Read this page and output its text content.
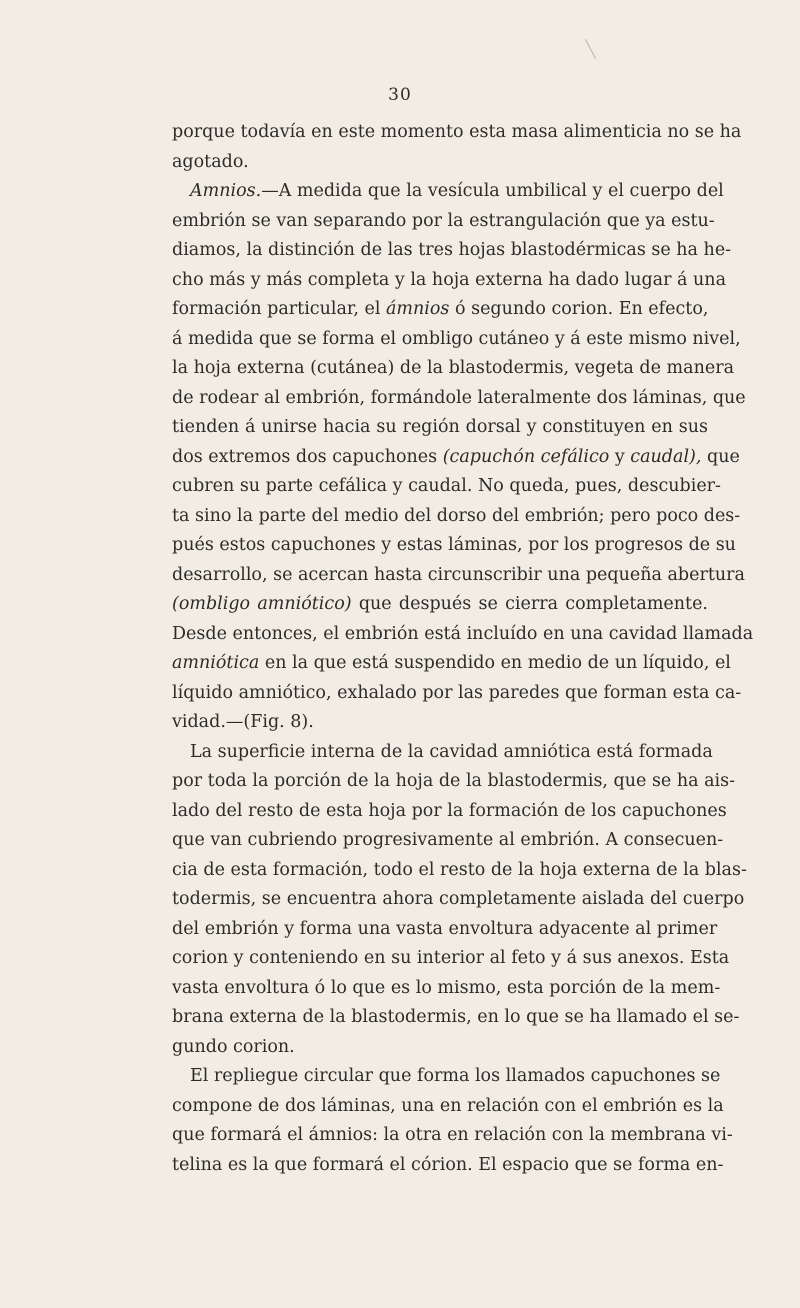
30
porque todavía en este momento esta masa alimenticia no se ha
agotado.
Amnios.—A medida que la vesícula umbilical y el cuerpo del
embrión se van separando por la estrangulación que ya estu-
diamos, la distinción de las tres hojas blastodérmicas se ha he-
cho más y más completa y la hoja externa ha dado lugar á una
formación particular, el ámnios ó segundo corion. En efecto,
á medida que se forma el ombligo cutáneo y á este mismo nivel,
la hoja externa (cutánea) de la blastodermis, vegeta de manera
de rodear al embrión, formándole lateralmente dos láminas, que
tienden á unirse hacia su región dorsal y constituyen en sus
dos extremos dos capuchones (capuchón cefálico y caudal), que
cubren su parte cefálica y caudal. No queda, pues, descubier-
ta sino la parte del medio del dorso del embrión; pero poco des-
pués estos capuchones y estas láminas, por los progresos de su
desarrollo, se acercan hasta circunscribir una pequeña abertura
(ombligo amniótico) que después se cierra completamente.
Desde entonces, el embrión está incluído en una cavidad llamada
amniótica en la que está suspendido en medio de un líquido, el
líquido amniótico, exhalado por las paredes que forman esta ca-
vidad.—(Fig. 8).
La superficie interna de la cavidad amniótica está formada
por toda la porción de la hoja de la blastodermis, que se ha ais-
lado del resto de esta hoja por la formación de los capuchones
que van cubriendo progresivamente al embrión. A consecuen-
cia de esta formación, todo el resto de la hoja externa de la blas-
todermis, se encuentra ahora completamente aislada del cuerpo
del embrión y forma una vasta envoltura adyacente al primer
corion y conteniendo en su interior al feto y á sus anexos. Esta
vasta envoltura ó lo que es lo mismo, esta porción de la mem-
brana externa de la blastodermis, en lo que se ha llamado el se-
gundo corion.
El repliegue circular que forma los llamados capuchones se
compone de dos láminas, una en relación con el embrión es la
que formará el ámnios: la otra en relación con la membrana vi-
telina es la que formará el córion. El espacio que se forma en-
